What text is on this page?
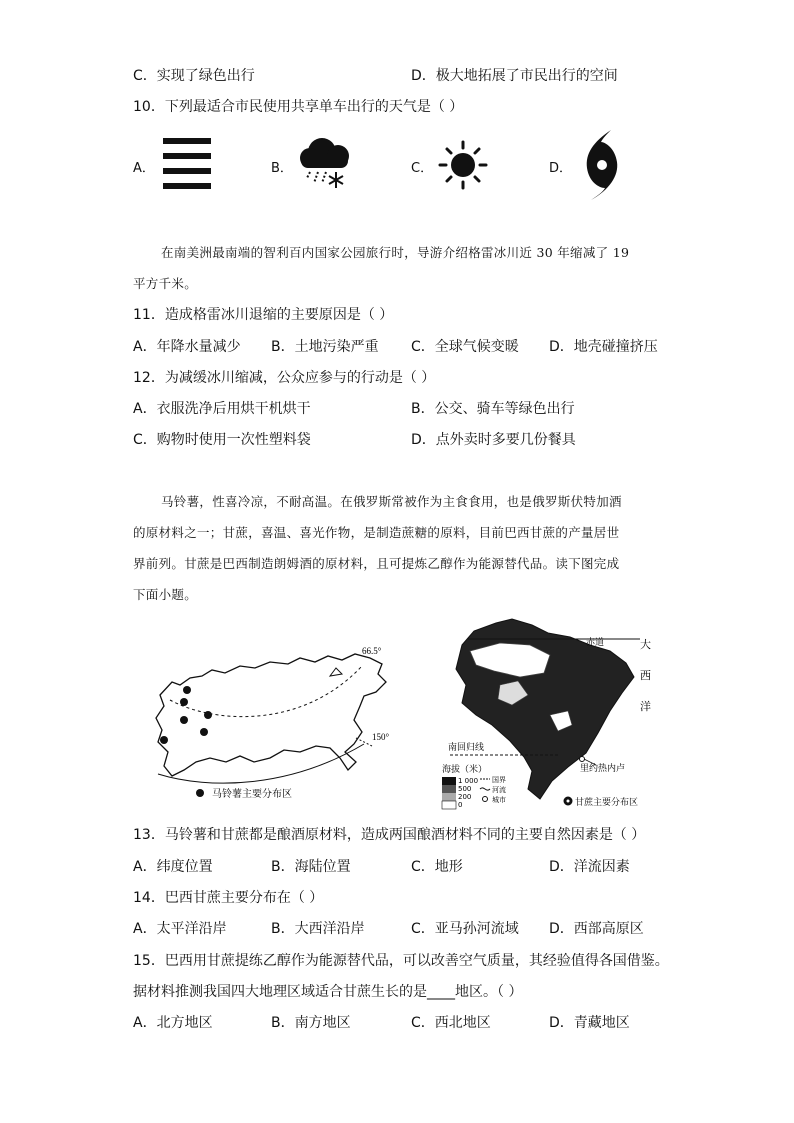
C．实现了绿色出行	D．极大地拓展了市民出行的空间
10．下列最适合市民使用共享单车出行的天气是（ ）
A．	B．	C．	D．
在南美洲最南端的智利百内国家公园旅行时，导游介绍格雷冰川近 30 年缩减了 19
平方千米。
11．造成格雷冰川退缩的主要原因是（ ）
A．年降水量减少 B．土地污染严重 C．全球气候变暖 D．地壳碰撞挤压
12．为减缓冰川缩减，公众应参与的行动是（ ）
A．衣服洗净后用烘干机烘干	B．公交、骑车等绿色出行
C．购物时使用一次性塑料袋	D．点外卖时多要几份餐具
马铃薯，性喜冷凉，不耐高温。在俄罗斯常被作为主食食用，也是俄罗斯伏特加酒
的原材料之一；甘蔗，喜温、喜光作物，是制造蔗糖的原料，目前巴西甘蔗的产量居世
界前列。甘蔗是巴西制造朗姆酒的原材料，且可提炼乙醇作为能源替代品。读下图完成
下面小题。
66.5°
150°
马铃薯主要分布区
赤道	大
西
洋
南回归线
里约热内卢
海拔（米）
1 000
500
200
0
国界
河流
城市	甘蔗主要分布区
13．马铃薯和甘蔗都是酿酒原材料，造成两国酿酒材料不同的主要自然因素是（ ）
A．纬度位置	B．海陆位置	C．地形	D．洋流因素
14．巴西甘蔗主要分布在（ ）
A．太平洋沿岸	B．大西洋沿岸	C．亚马孙河流域 D．西部高原区
15．巴西用甘蔗提练乙醇作为能源替代品，可以改善空气质量，其经验值得各国借鉴。
据材料推测我国四大地理区域适合甘蔗生长的是____地区。（ ）
A．北方地区	B．南方地区	C．西北地区	D．青藏地区
